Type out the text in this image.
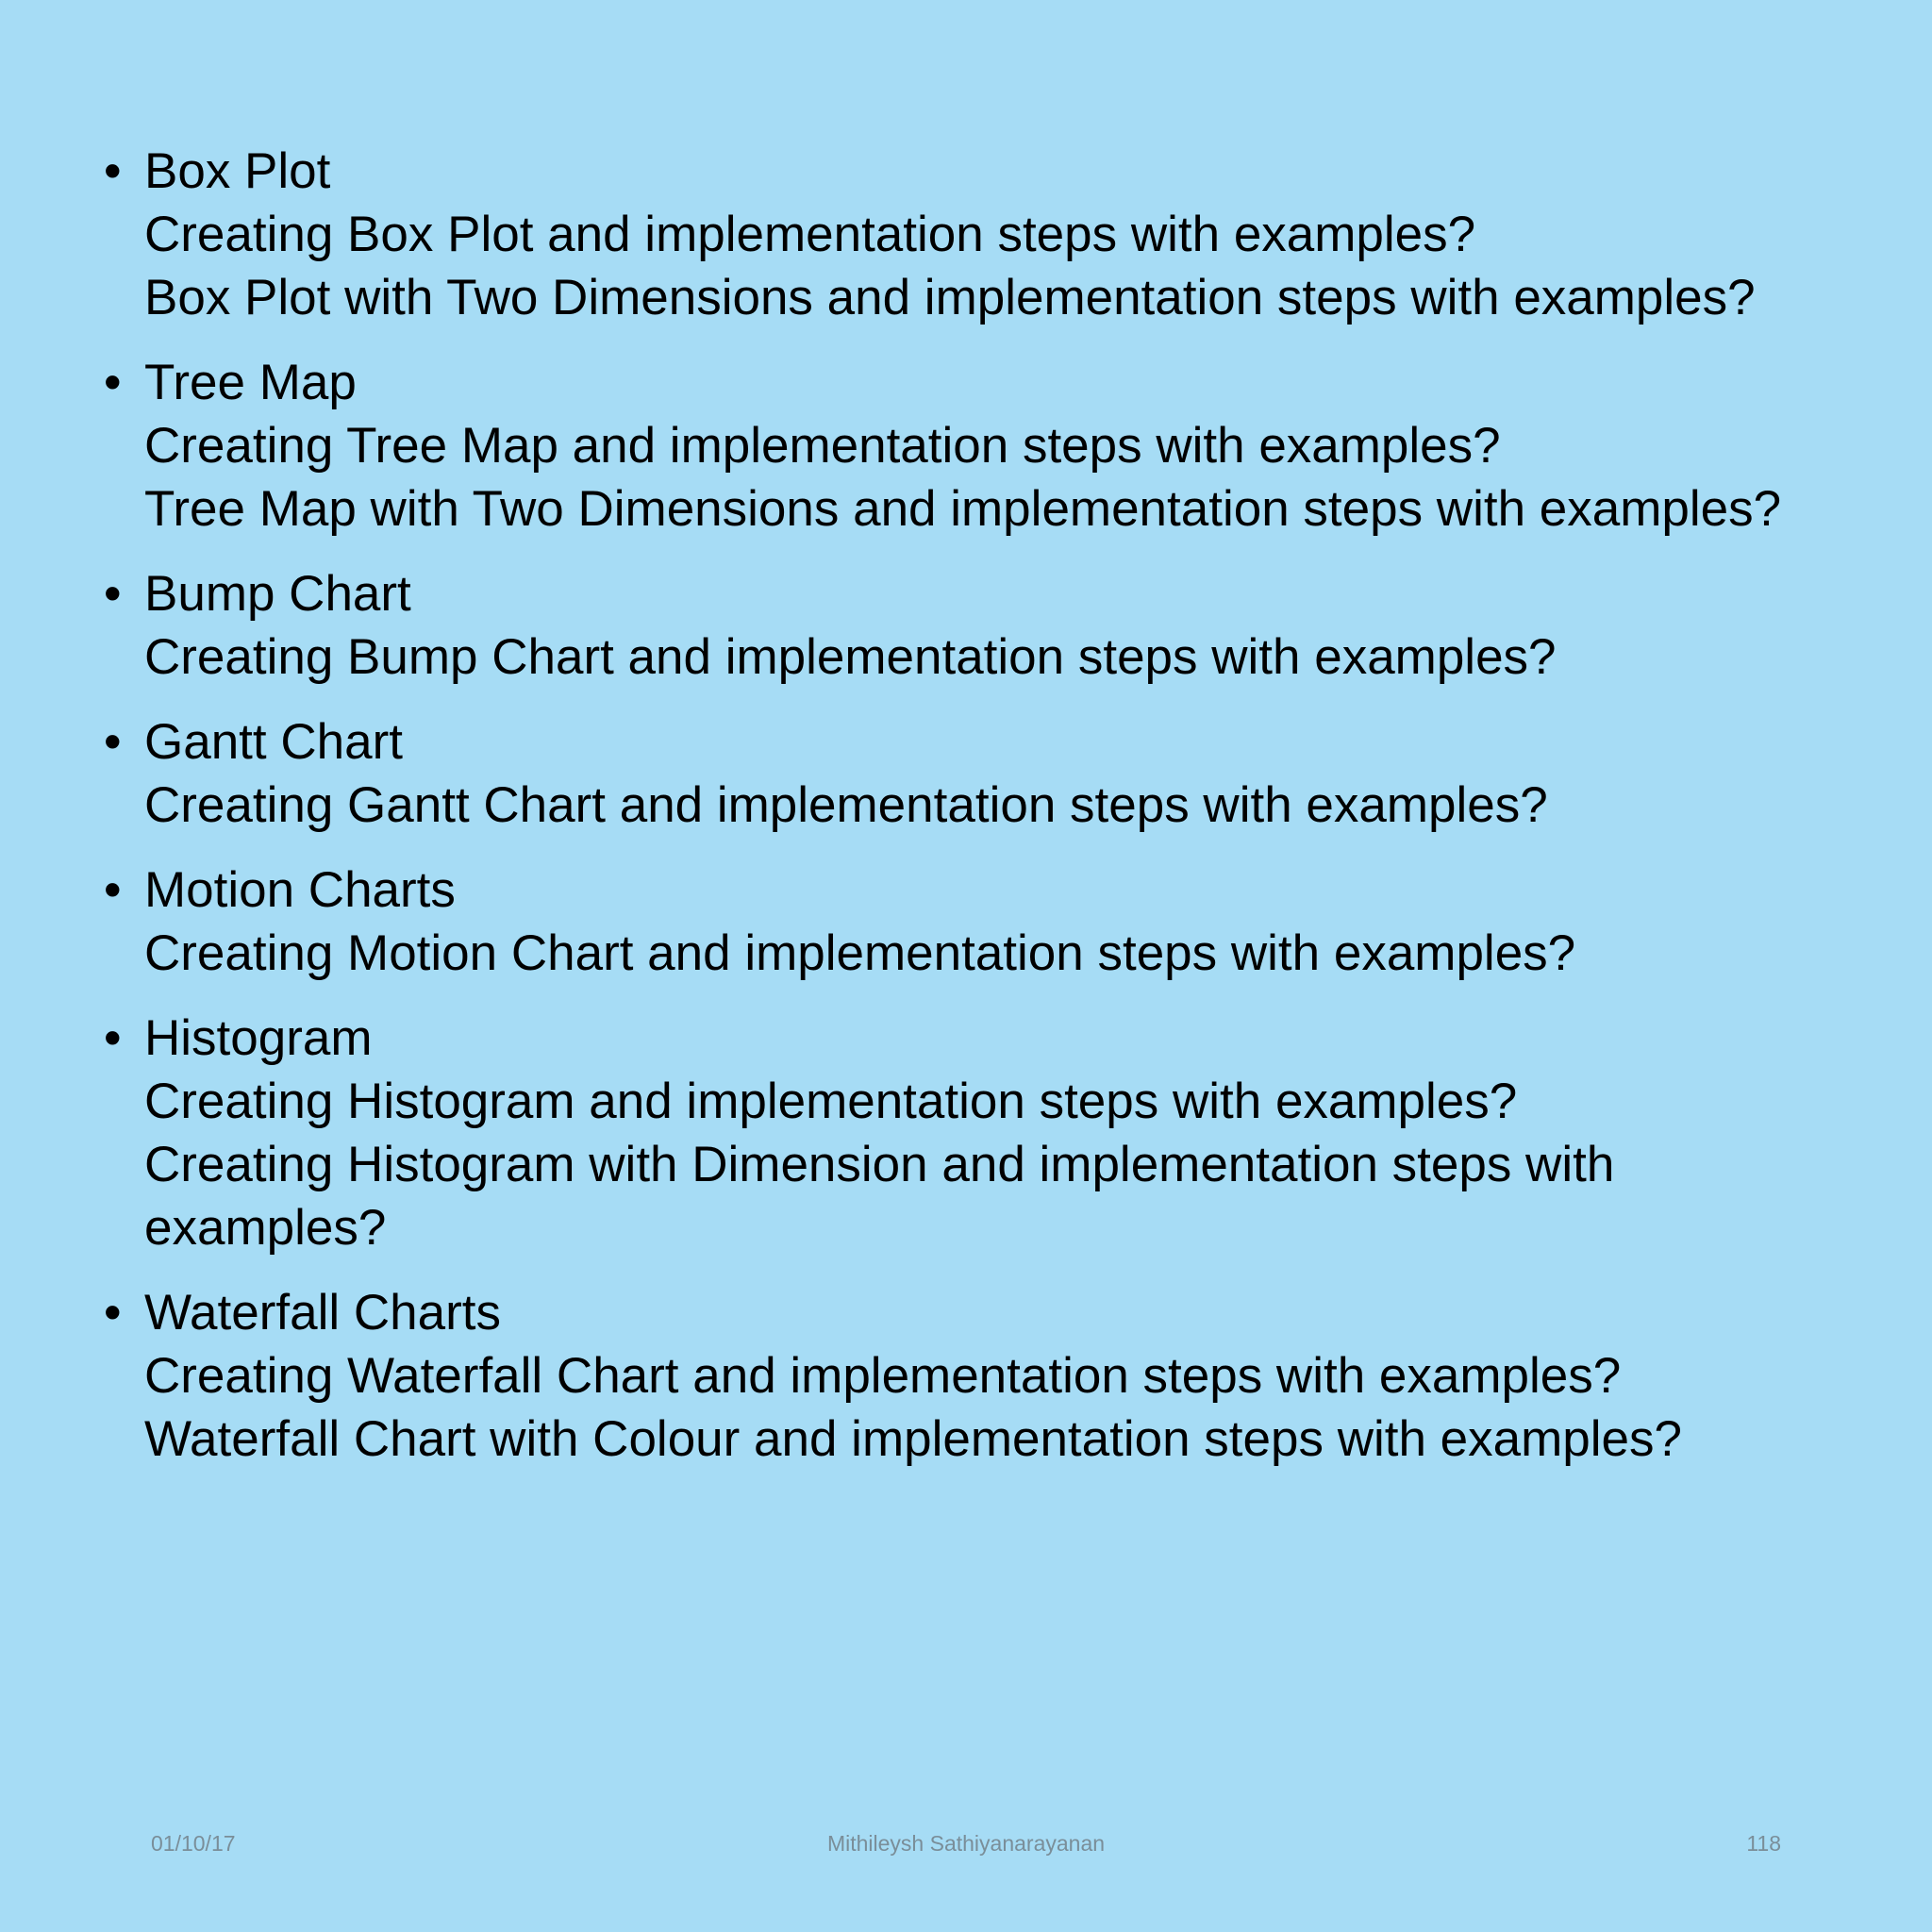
• Box Plot
Creating Box Plot and implementation steps with examples?
Box Plot with Two Dimensions and implementation steps with examples?
• Tree Map
Creating Tree Map and implementation steps with examples?
Tree Map with Two Dimensions and implementation steps with examples?
• Bump Chart
Creating Bump Chart and implementation steps with examples?
• Gantt Chart
Creating Gantt Chart and implementation steps with examples?
• Motion Charts
Creating Motion Chart and implementation steps with examples?
• Histogram
Creating Histogram and implementation steps with examples?
Creating Histogram with Dimension and implementation steps with examples?
• Waterfall Charts
Creating Waterfall Chart and implementation steps with examples?
Waterfall Chart with Colour and implementation steps with examples?
01/10/17	Mithileysh Sathiyanarayanan	118
